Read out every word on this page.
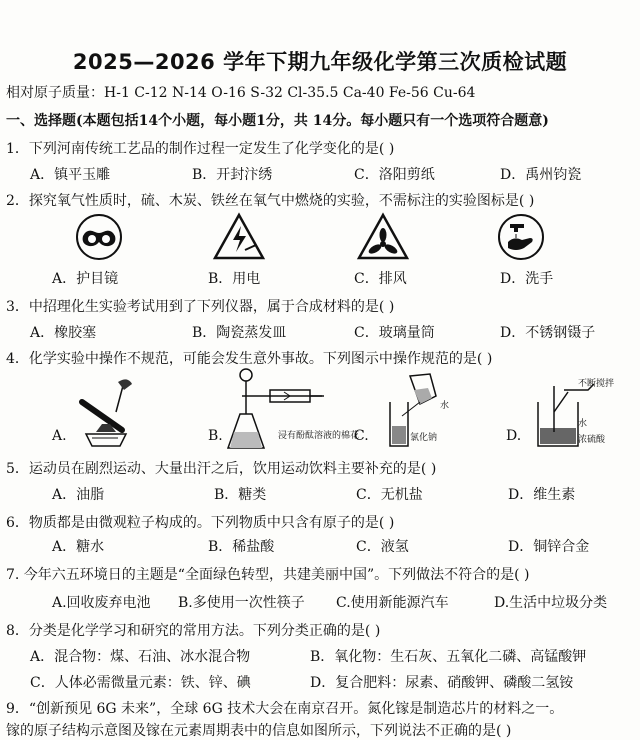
2025—2026 学年下期九年级化学第三次质检试题
相对原子质量：H-1 C-12 N-14 O-16 S-32 Cl-35.5 Ca-40 Fe-56 Cu-64
一、选择题(本题包括14个小题，每小题1分，共 14分。每小题只有一个选项符合题意)
1．下列河南传统工艺品的制作过程一定发生了化学变化的是( )
A．镇平玉雕	B．开封汴绣	C．洛阳剪纸	D．禹州钧瓷
2．探究氧气性质时，硫、木炭、铁丝在氧气中燃烧的实验，不需标注的实验图标是( )
A．护目镜	B．用电	C．排风	D．洗手
3．中招理化生实验考试用到了下列仪器，属于合成材料的是( )
A．橡胶塞	B．陶瓷蒸发皿	C．玻璃量筒	D．不锈钢镊子
4．化学实验中操作不规范，可能会发生意外事故。下列图示中操作规范的是( )
A.	B.	C.	D.
浸有酚酞溶液的棉花
水
氯化钠
不断搅拌
水
浓硫酸
5．运动员在剧烈运动、大量出汗之后，饮用运动饮料主要补充的是( )
A．油脂	B．糖类	C．无机盐	D．维生素
6．物质都是由微观粒子构成的。下列物质中只含有原子的是( )
A．糖水	B．稀盐酸	C．液氢	D．铜锌合金
7. 今年六五环境日的主题是“全面绿色转型，共建美丽中国”。下列做法不符合的是( )
A.回收废弃电池 B.多使用一次性筷子 C.使用新能源汽车	D.生活中垃圾分类
8．分类是化学学习和研究的常用方法。下列分类正确的是( )
A．混合物：煤、石油、冰水混合物	B．氧化物：生石灰、五氧化二磷、高锰酸钾
C．人体必需微量元素：铁、锌、碘	D．复合肥料：尿素、硝酸钾、磷酸二氢铵
9．“创新预见 6G 未来”，全球 6G 技术大会在南京召开。氮化镓是制造芯片的材料之一。
镓的原子结构示意图及镓在元素周期表中的信息如图所示，下列说法不正确的是( )
